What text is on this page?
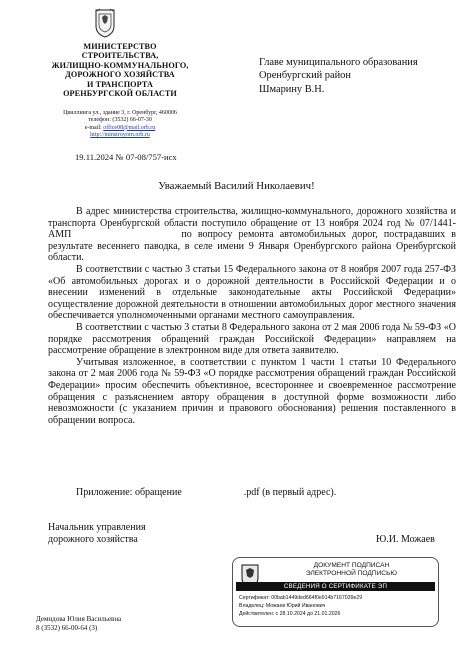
МИНИСТЕРСТВО
СТРОИТЕЛЬСТВА,
ЖИЛИЩНО-КОММУНАЛЬНОГО,
ДОРОЖНОГО ХОЗЯЙСТВА
И ТРАНСПОРТА
ОРЕНБУРГСКОЙ ОБЛАСТИ
Цвиллинга ул., здание 3, г. Оренбург, 460006
телефон: (3532) 66-07-30
e-mail: office08@mail.orb.ru
http://minstroyorn.orb.ru
19.11.2024 № 07-08/757-исх
Главе муниципального образования
Оренбургский район
Шмарину В.Н.
Уважаемый Василий Николаевич!

В адрес министерства строительства, жилищно-коммунального, дорожного хозяйства и транспорта Оренбургской области поступило обращение от 13 ноября 2024 год № 07/1441-АМП	по вопросу ремонта автомобильных дорог, пострадавших в результате весеннего паводка, в селе имени 9 Января Оренбургского района Оренбургской области.

В соответствии с частью 3 статьи 15 Федерального закона от 8 ноября 2007 года 257-ФЗ «Об автомобильных дорогах и о дорожной деятельности в Российской Федерации и о внесении изменений в отдельные законодательные акты Российской Федерации» осуществление дорожной деятельности в отношении автомобильных дорог местного значения обеспечивается уполномоченными органами местного самоуправления.

В соответствии с частью 3 статьи 8 Федерального закона от 2 мая 2006 года № 59-ФЗ «О порядке рассмотрения обращений граждан Российской Федерации» направляем на рассмотрение обращение в электронном виде для ответа заявителю.

Учитывая изложенное, в соответствии с пунктом 1 части 1 статьи 10 Федерального закона от 2 мая 2006 года № 59-ФЗ «О порядке рассмотрения обращений граждан Российской Федерации» просим обеспечить объективное, всестороннее и своевременное рассмотрение обращения с разъяснением автору обращения в доступной форме возможности либо невозможности (с указанием причин и правового обоснования) решения поставленного в обращении вопроса.

Приложение: обращение	.pdf (в первый адрес).
Начальник управления
дорожного хозяйства	Ю.И. Можаев
ДОКУМЕНТ ПОДПИСАН
ЭЛЕКТРОННОЙ ПОДПИСЬЮ
СВЕДЕНИЯ О СЕРТИФИКАТЕ ЭП
Сертификат: 00bab1449ded664f0e914b7167039e29
Владелец: Можаев Юрий Иванович
Действителен: с 28.10.2024 до 21.01.2026
Демидова Юлия Васильевна
8 (3532) 66-00-64 (3)
